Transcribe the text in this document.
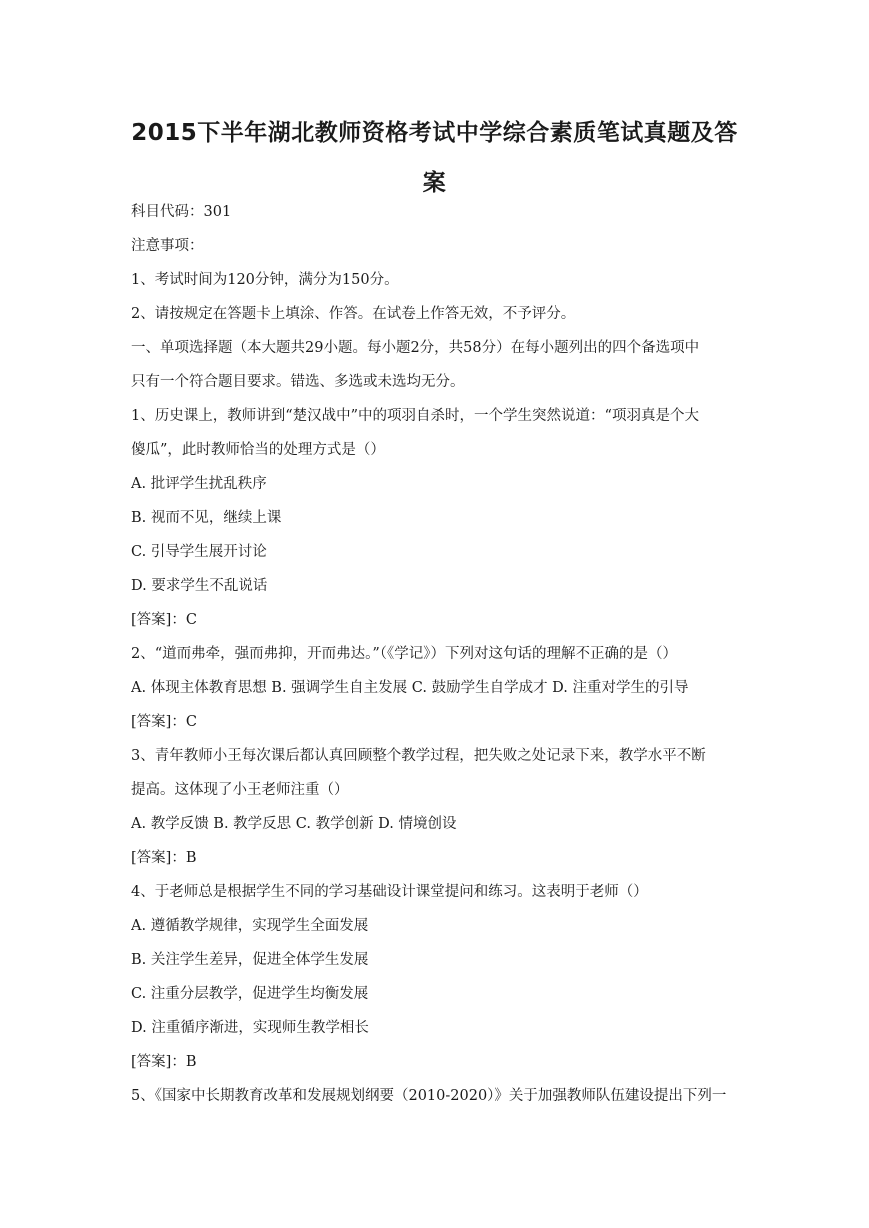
2015下半年湖北教师资格考试中学综合素质笔试真题及答
案
科目代码：301
注意事项：
1、考试时间为120分钟，满分为150分。
2、请按规定在答题卡上填涂、作答。在试卷上作答无效，不予评分。
一、单项选择题（本大题共29小题。每小题2分，共58分）在每小题列出的四个备选项中
只有一个符合题目要求。错选、多选或未选均无分。
1、历史课上，教师讲到“楚汉战中”中的项羽自杀时，一个学生突然说道：“项羽真是个大
傻瓜”，此时教师恰当的处理方式是（）
A. 批评学生扰乱秩序
B. 视而不见，继续上课
C. 引导学生展开讨论
D. 要求学生不乱说话
[答案]：C
2、“道而弗牵，强而弗抑，开而弗达。”（《学记》）下列对这句话的理解不正确的是（）
A. 体现主体教育思想 B. 强调学生自主发展 C. 鼓励学生自学成才 D. 注重对学生的引导
[答案]：C
3、青年教师小王每次课后都认真回顾整个教学过程，把失败之处记录下来，教学水平不断
提高。这体现了小王老师注重（）
A. 教学反馈 B. 教学反思 C. 教学创新 D. 情境创设
[答案]：B
4、于老师总是根据学生不同的学习基础设计课堂提问和练习。这表明于老师（）
A. 遵循教学规律，实现学生全面发展
B. 关注学生差异，促进全体学生发展
C. 注重分层教学，促进学生均衡发展
D. 注重循序渐进，实现师生教学相长
[答案]：B
5、《国家中长期教育改革和发展规划纲要（2010-2020）》关于加强教师队伍建设提出下列一
